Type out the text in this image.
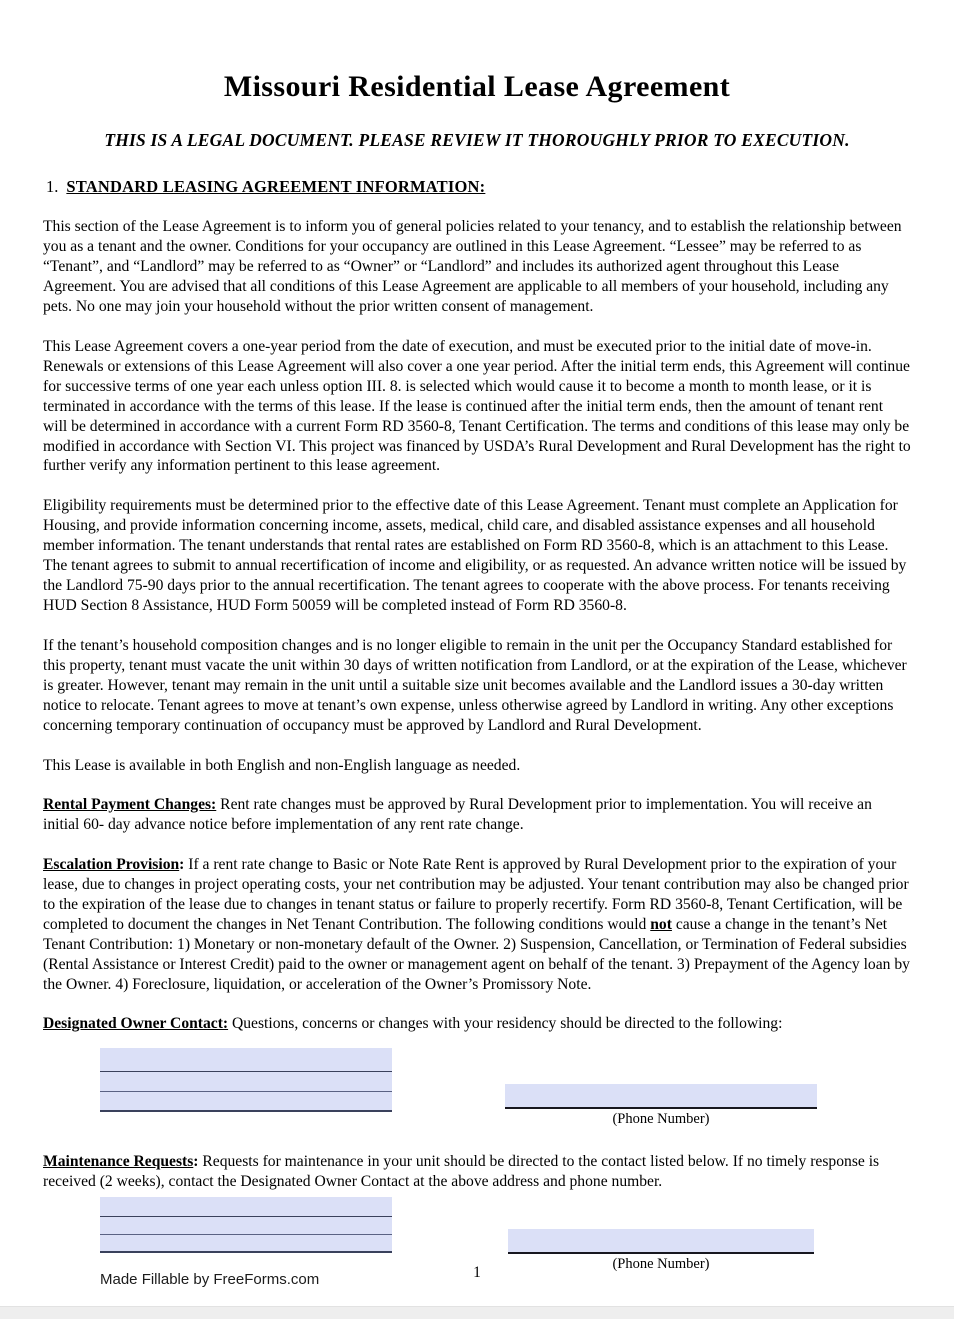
Missouri Residential Lease Agreement

THIS IS A LEGAL DOCUMENT. PLEASE REVIEW IT THOROUGHLY PRIOR TO EXECUTION.

1. STANDARD LEASING AGREEMENT INFORMATION:

This section of the Lease Agreement is to inform you of general policies related to your tenancy, and to establish the relationship between you as a tenant and the owner. Conditions for your occupancy are outlined in this Lease Agreement. “Lessee” may be referred to as “Tenant”, and “Landlord” may be referred to as “Owner” or “Landlord” and includes its authorized agent throughout this Lease Agreement. You are advised that all conditions of this Lease Agreement are applicable to all members of your household, including any pets. No one may join your household without the prior written consent of management.

This Lease Agreement covers a one-year period from the date of execution, and must be executed prior to the initial date of move-in. Renewals or extensions of this Lease Agreement will also cover a one year period. After the initial term ends, this Agreement will continue for successive terms of one year each unless option III. 8. is selected which would cause it to become a month to month lease, or it is terminated in accordance with the terms of this lease. If the lease is continued after the initial term ends, then the amount of tenant rent will be determined in accordance with a current Form RD 3560-8, Tenant Certification. The terms and conditions of this lease may only be modified in accordance with Section VI. This project was financed by USDA’s Rural Development and Rural Development has the right to further verify any information pertinent to this lease agreement.

Eligibility requirements must be determined prior to the effective date of this Lease Agreement. Tenant must complete an Application for Housing, and provide information concerning income, assets, medical, child care, and disabled assistance expenses and all household member information. The tenant understands that rental rates are established on Form RD 3560-8, which is an attachment to this Lease. The tenant agrees to submit to annual recertification of income and eligibility, or as requested. An advance written notice will be issued by the Landlord 75-90 days prior to the annual recertification. The tenant agrees to cooperate with the above process. For tenants receiving HUD Section 8 Assistance, HUD Form 50059 will be completed instead of Form RD 3560-8.

If the tenant’s household composition changes and is no longer eligible to remain in the unit per the Occupancy Standard established for this property, tenant must vacate the unit within 30 days of written notification from Landlord, or at the expiration of the Lease, whichever is greater. However, tenant may remain in the unit until a suitable size unit becomes available and the Landlord issues a 30-day written notice to relocate. Tenant agrees to move at tenant’s own expense, unless otherwise agreed by Landlord in writing. Any other exceptions concerning temporary continuation of occupancy must be approved by Landlord and Rural Development.

This Lease is available in both English and non-English language as needed.

Rental Payment Changes: Rent rate changes must be approved by Rural Development prior to implementation. You will receive an initial 60- day advance notice before implementation of any rent rate change.

Escalation Provision: If a rent rate change to Basic or Note Rate Rent is approved by Rural Development prior to the expiration of your lease, due to changes in project operating costs, your net contribution may be adjusted. Your tenant contribution may also be changed prior to the expiration of the lease due to changes in tenant status or failure to properly recertify. Form RD 3560-8, Tenant Certification, will be completed to document the changes in Net Tenant Contribution. The following conditions would not cause a change in the tenant’s Net Tenant Contribution: 1) Monetary or non-monetary default of the Owner. 2) Suspension, Cancellation, or Termination of Federal subsidies (Rental Assistance or Interest Credit) paid to the owner or management agent on behalf of the tenant. 3) Prepayment of the Agency loan by the Owner. 4) Foreclosure, liquidation, or acceleration of the Owner’s Promissory Note.

Designated Owner Contact: Questions, concerns or changes with your residency should be directed to the following:

(Phone Number)

Maintenance Requests: Requests for maintenance in your unit should be directed to the contact listed below. If no timely response is received (2 weeks), contact the Designated Owner Contact at the above address and phone number.

(Phone Number)
Made Fillable by FreeForms.com	1
